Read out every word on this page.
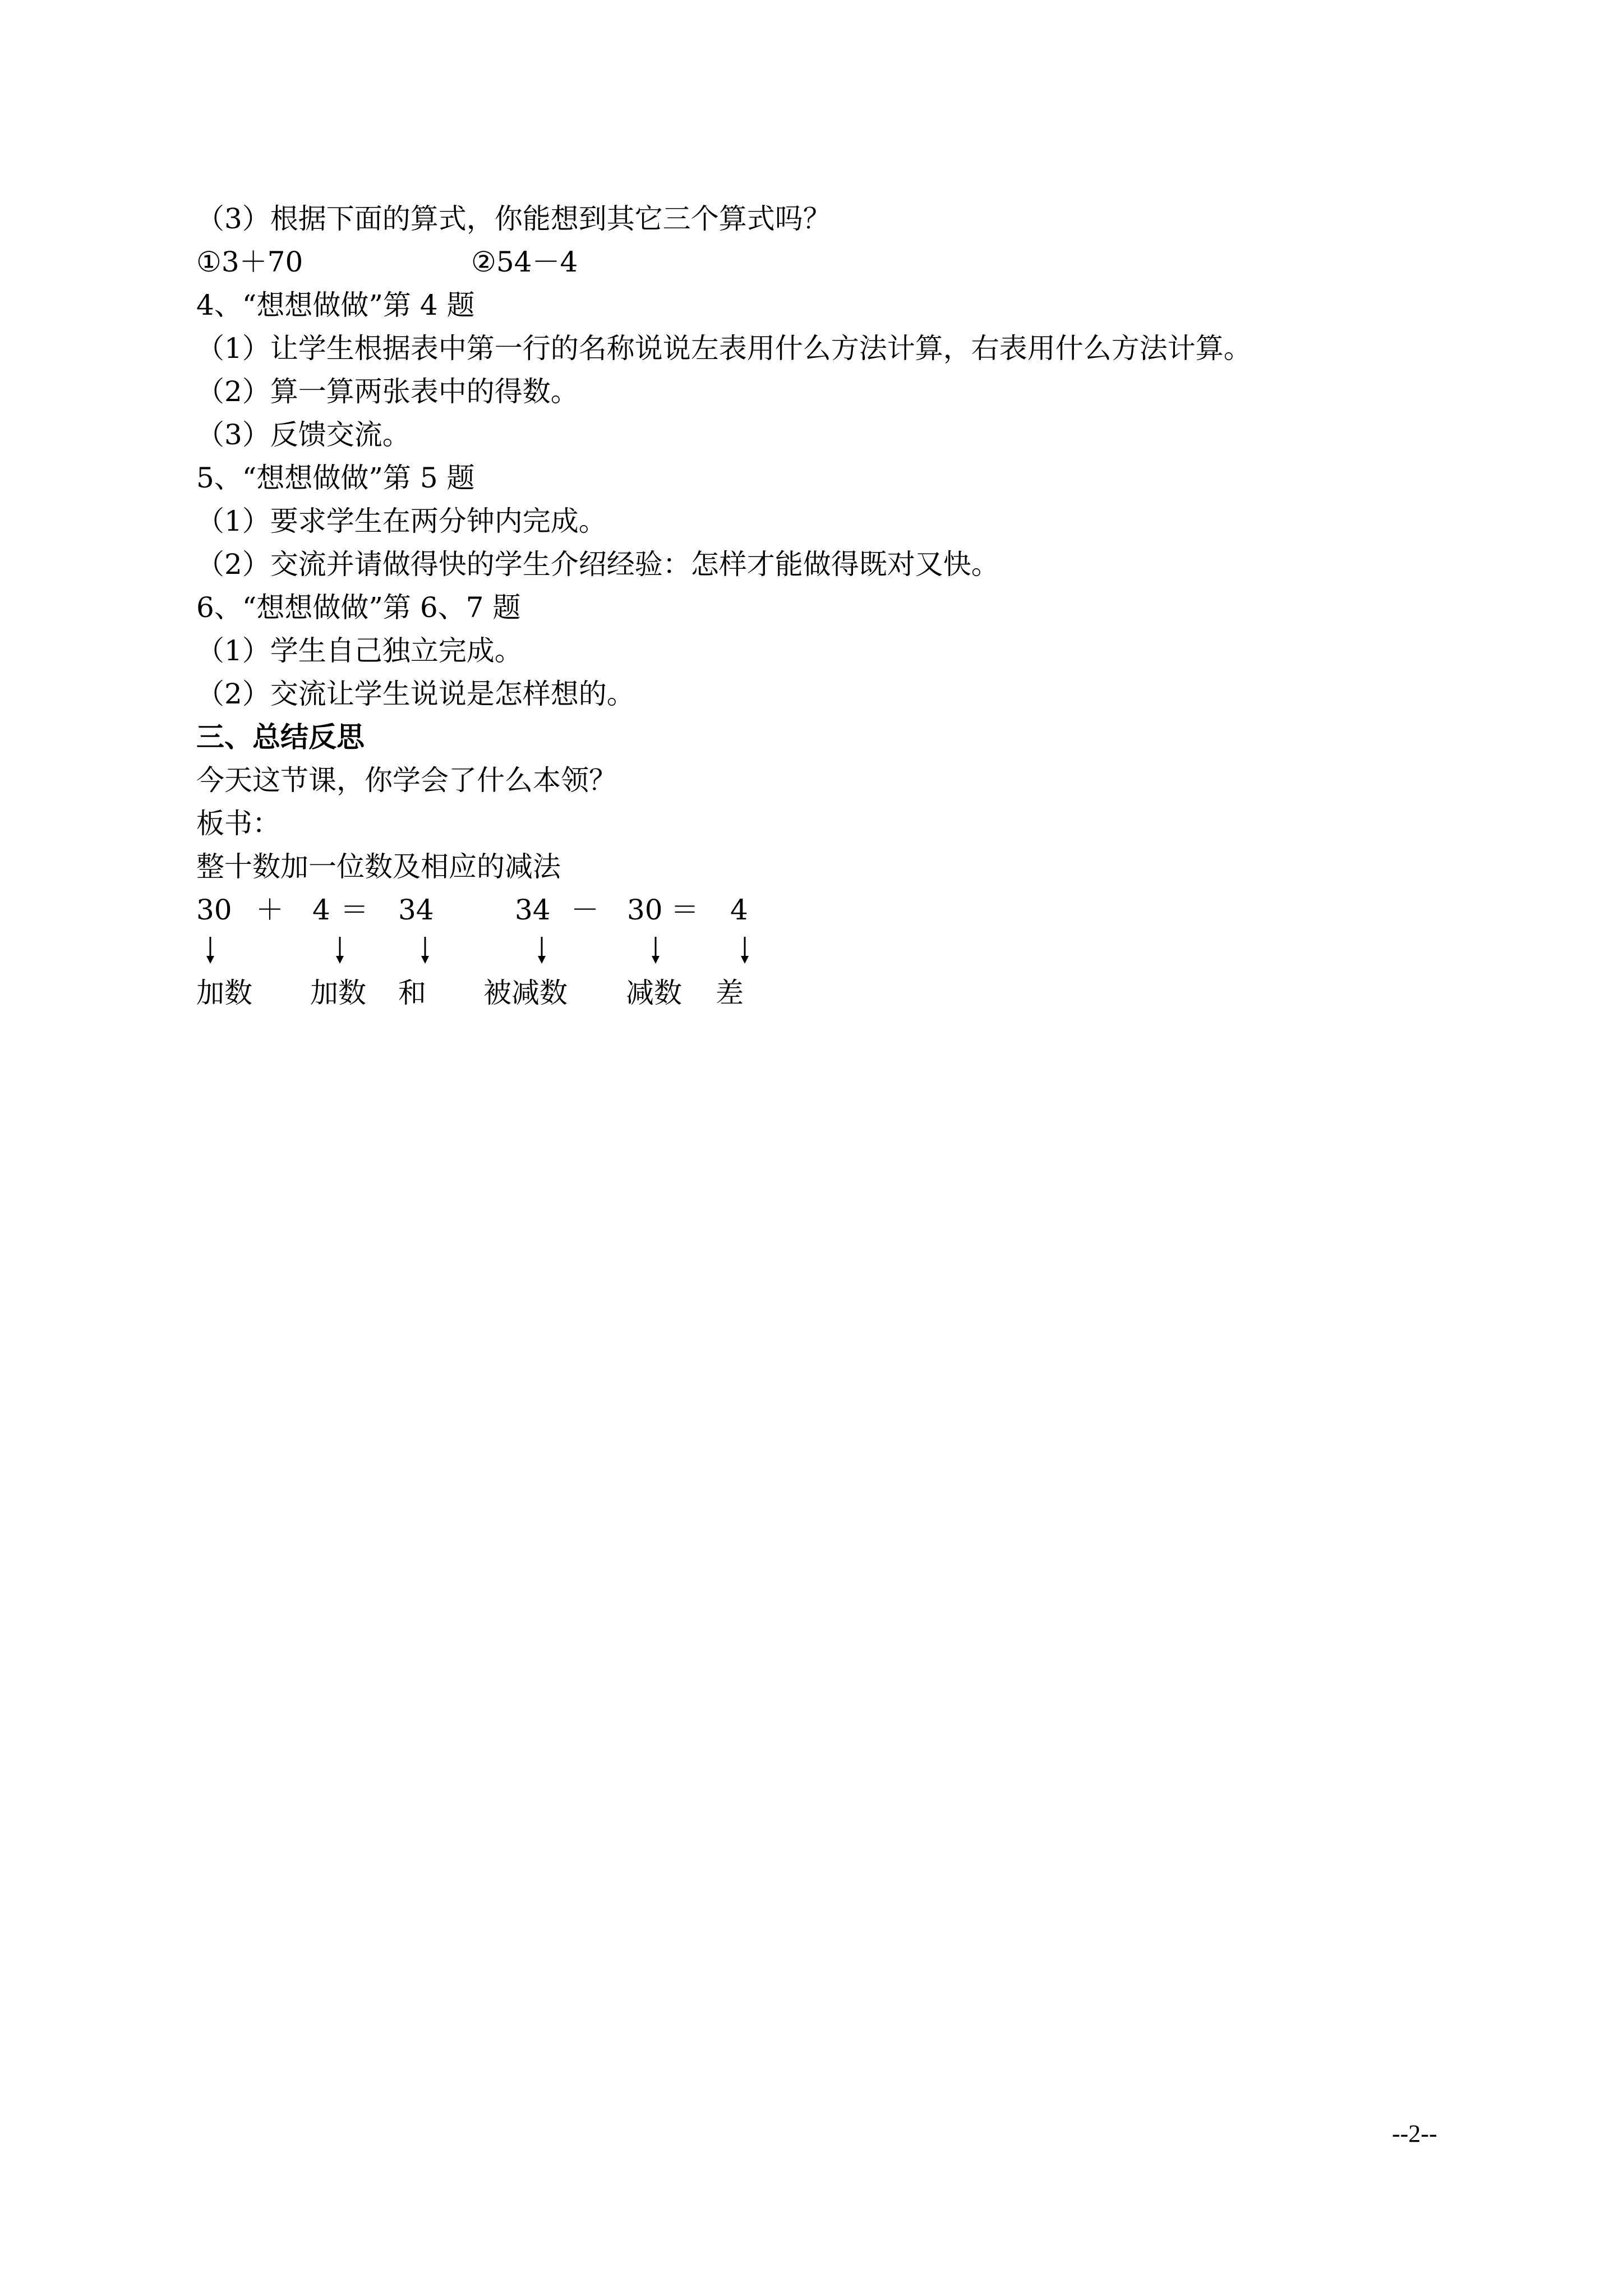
（3）根据下面的算式，你能想到其它三个算式吗？
①3＋70	②54－4
4、“想想做做”第 4 题
（1）让学生根据表中第一行的名称说说左表用什么方法计算，右表用什么方法计算。
（2）算一算两张表中的得数。
（3）反馈交流。
5、“想想做做”第 5 题
（1）要求学生在两分钟内完成。
（2）交流并请做得快的学生介绍经验：怎样才能做得既对又快。
6、“想想做做”第 6、7 题
（1）学生自己独立完成。
（2）交流让学生说说是怎样想的。
三、总结反思
今天这节课，你学会了什么本领？
板书：
整十数加一位数及相应的减法
30 ＋ 4 ＝ 34	34 － 30 ＝ 4
加数 加数 和 被减数 减数 差
--2--
